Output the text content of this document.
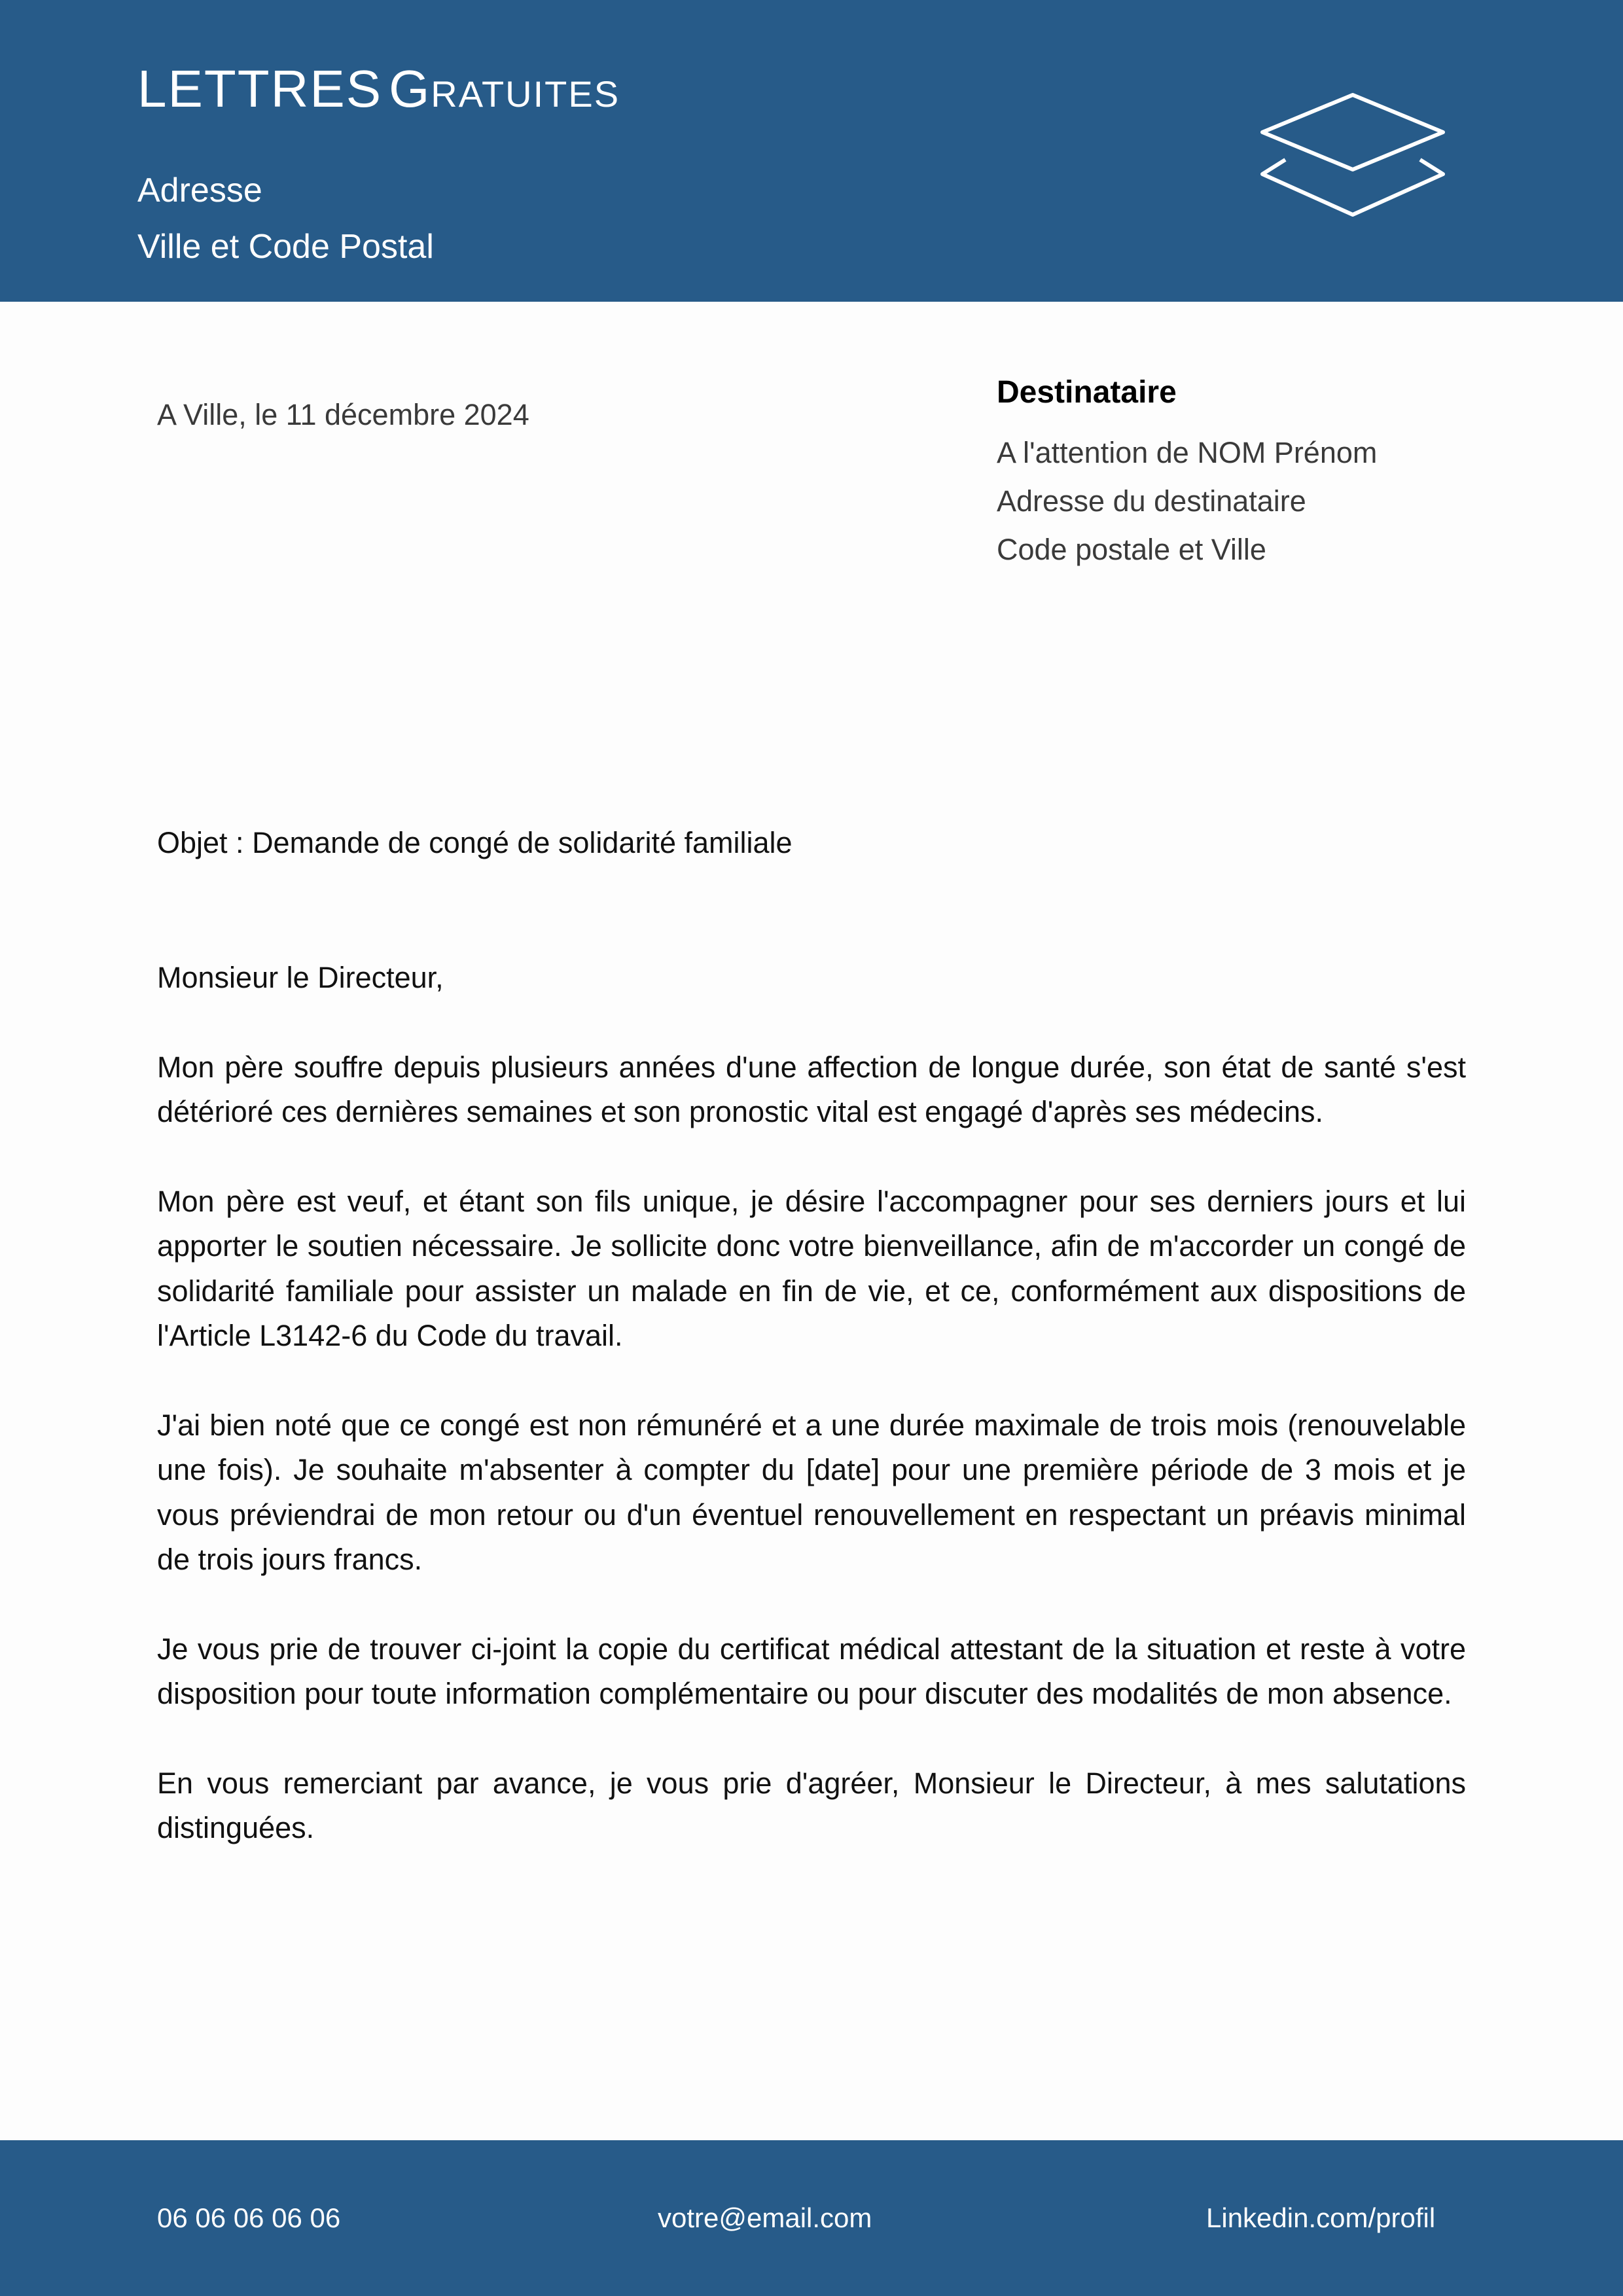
LETTRES Gratuites
Adresse
Ville et Code Postal
A Ville, le 11 décembre 2024
Destinataire
A l'attention de NOM Prénom
Adresse du destinataire
Code postale et Ville
Objet : Demande de congé de solidarité familiale

Monsieur le Directeur,

Mon père souffre depuis plusieurs années d'une affection de longue durée, son état de santé s'est détérioré ces dernières semaines et son pronostic vital est engagé d'après ses médecins.

Mon père est veuf, et étant son fils unique, je désire l'accompagner pour ses derniers jours et lui apporter le soutien nécessaire. Je sollicite donc votre bienveillance, afin de m'accorder un congé de solidarité familiale pour assister un malade en fin de vie, et ce, conformément aux dispositions de l'Article L3142-6 du Code du travail.

J'ai bien noté que ce congé est non rémunéré et a une durée maximale de trois mois (renouvelable une fois). Je souhaite m'absenter à compter du [date] pour une première période de 3 mois et je vous préviendrai de mon retour ou d'un éventuel renouvellement en respectant un préavis minimal de trois jours francs.

Je vous prie de trouver ci-joint la copie du certificat médical attestant de la situation et reste à votre disposition pour toute information complémentaire ou pour discuter des modalités de mon absence.

En vous remerciant par avance, je vous prie d'agréer, Monsieur le Directeur, à mes salutations distinguées.

06 06 06 06 06	votre@email.com	Linkedin.com/profil
